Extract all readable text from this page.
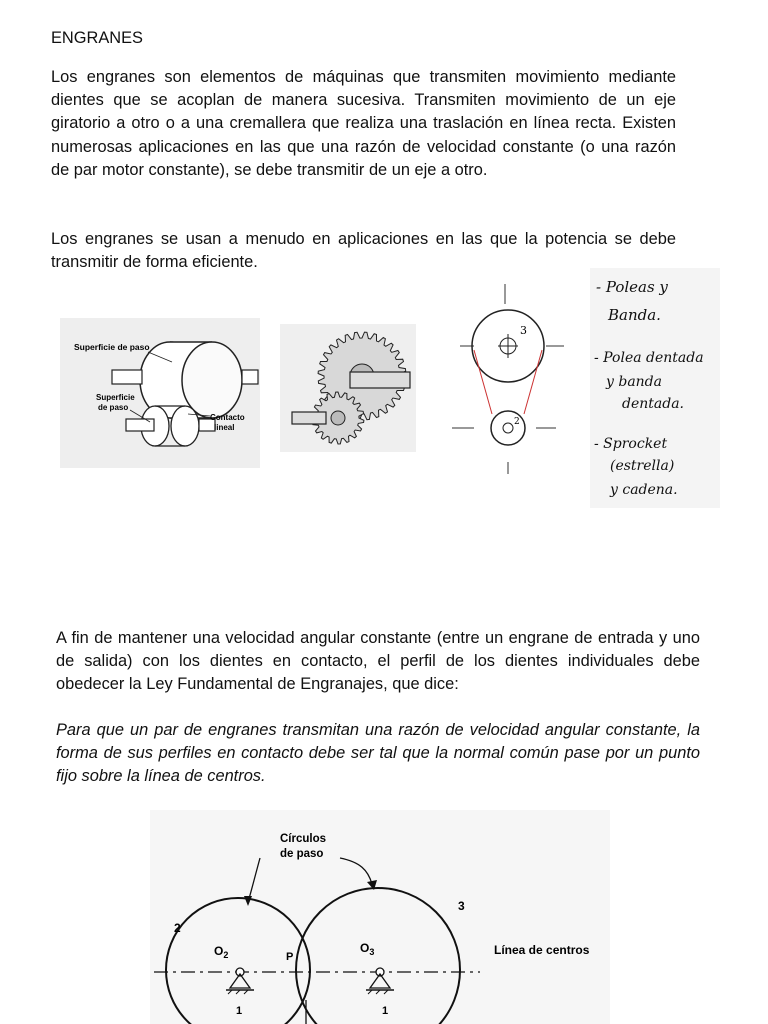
ENGRANES

Los engranes son elementos de máquinas que transmiten movimiento mediante dientes que se acoplan de manera sucesiva. Transmiten movimiento de un eje giratorio a otro o a una cremallera que realiza una traslación en línea recta. Existen numerosas aplicaciones en las que una razón de velocidad constante (o una razón de par motor constante), se debe transmitir de un eje a otro.

Los engranes se usan a menudo en aplicaciones en las que la potencia se debe transmitir de forma eficiente.

Superficie de paso
Superficie
de paso
Contacto
lineal
3
2
- Poleas y
Banda.
- Polea dentada
y banda
dentada.
- Sprocket
(estrella)
y cadena.

A fin de mantener una velocidad angular constante (entre un engrane de entrada y uno de salida) con los dientes en contacto, el perfil de los dientes individuales debe obedecer la Ley Fundamental de Engranajes, que dice:

Para que un par de engranes transmitan una razón de velocidad angular constante, la forma de sus perfiles en contacto debe ser tal que la normal común pase por un punto fijo sobre la línea de centros.

Círculos
de paso
2
3
$O_2$	$O_3$
P	Línea de centros
1	1
